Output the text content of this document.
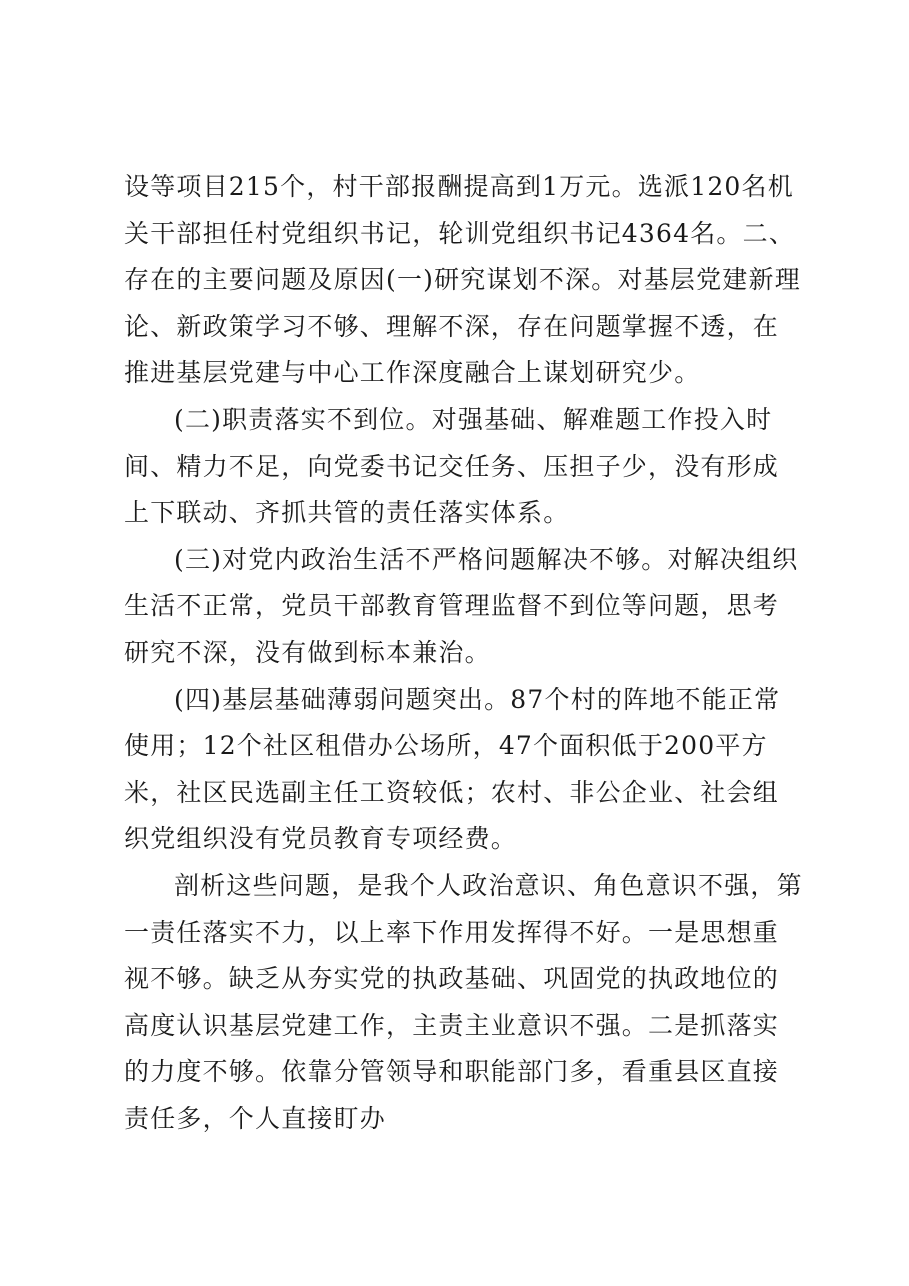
设等项目215个，村干部报酬提高到1万元。选派120名机关干部担任村党组织书记，轮训党组织书记4364名。二、存在的主要问题及原因(一)研究谋划不深。对基层党建新理论、新政策学习不够、理解不深，存在问题掌握不透，在推进基层党建与中心工作深度融合上谋划研究少。

(二)职责落实不到位。对强基础、解难题工作投入时间、精力不足，向党委书记交任务、压担子少，没有形成上下联动、齐抓共管的责任落实体系。

(三)对党内政治生活不严格问题解决不够。对解决组织生活不正常，党员干部教育管理监督不到位等问题，思考研究不深，没有做到标本兼治。

(四)基层基础薄弱问题突出。87个村的阵地不能正常使用；12个社区租借办公场所，47个面积低于200平方米，社区民选副主任工资较低；农村、非公企业、社会组织党组织没有党员教育专项经费。

剖析这些问题，是我个人政治意识、角色意识不强，第一责任落实不力，以上率下作用发挥得不好。一是思想重视不够。缺乏从夯实党的执政基础、巩固党的执政地位的高度认识基层党建工作，主责主业意识不强。二是抓落实的力度不够。依靠分管领导和职能部门多，看重县区直接责任多，个人直接盯办
